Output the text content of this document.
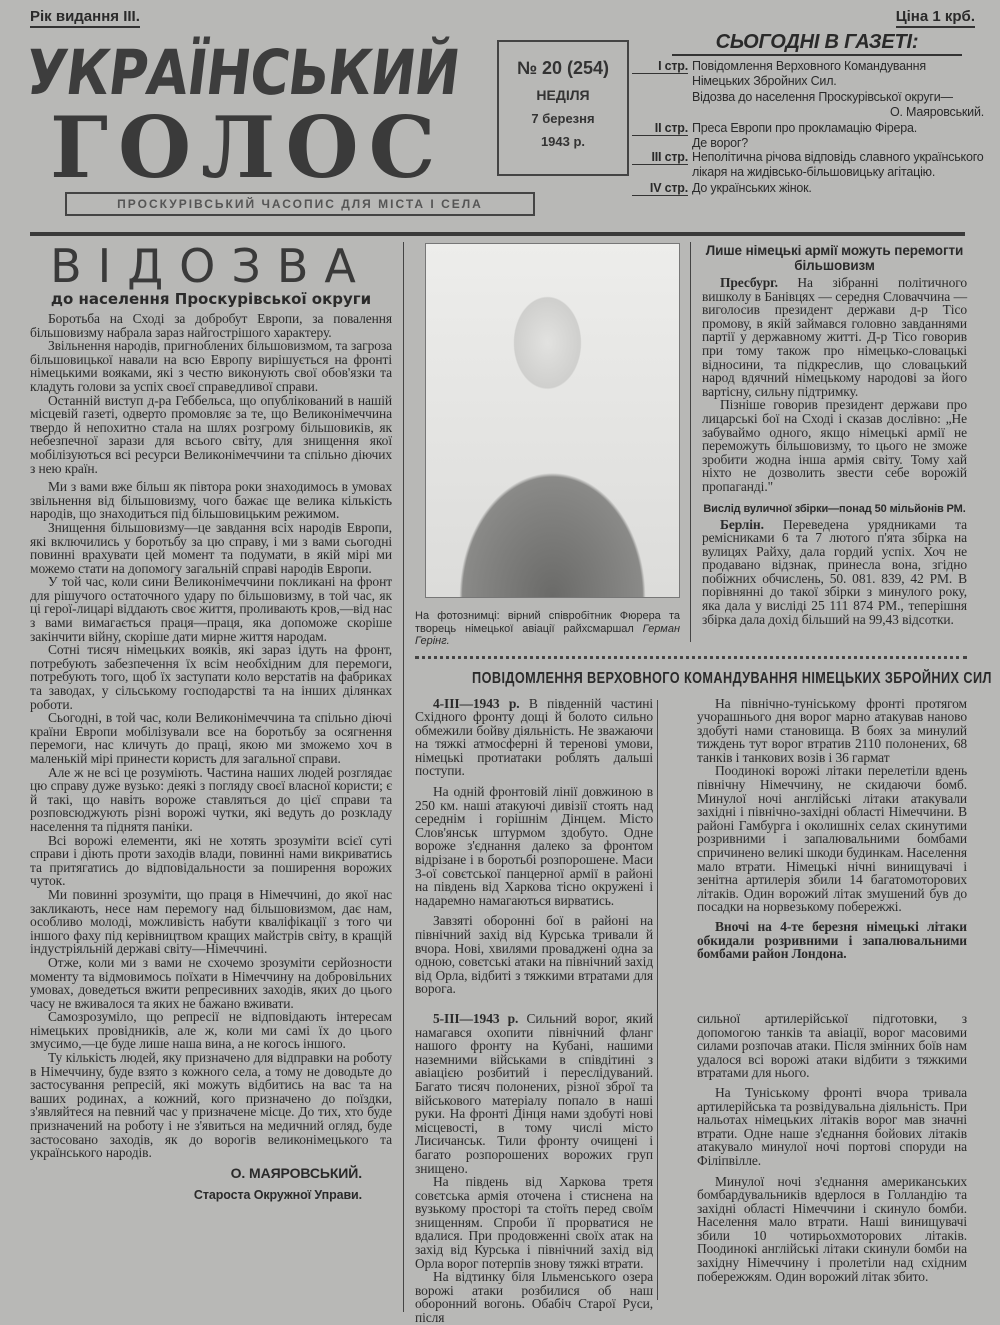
Рік видання III.	Ціна 1 крб.
УКРАЇНСЬКИЙ
ГОЛОС
ПРОСКУРІВСЬКИЙ ЧАСОПИС ДЛЯ МІСТА І СЕЛА
№ 20 (254)
НЕДІЛЯ
7 березня
1943 р.
СЬОГОДНІ В ГАЗЕТІ:
I стр. Повідомлення Верховного Командування Німецьких Збройних Сил.
Відозва до населення Проскурівської округи—
О. Маяровський.
II стр. Преса Европи про прокламацію Фірера.
Де ворог?
III стр. Неполітична річова відповідь славного українського лікаря на жидівсько-більшовицьку агітацію.
IV стр. До українських жінок.
ВІДОЗВА
до населення Проскурівської округи

Боротьба на Сході за добробут Европи, за повалення більшовизму набрала зараз найгострішого характеру.

Звільнення народів, пригноблених більшовизмом, та загроза більшовицької навали на всю Европу вирішується на фронті німецькими вояками, які з честю виконують свої обов'язки та кладуть голови за успіх своєї справедливої справи.

Останній виступ д-ра Геббельса, що опублікований в нашій місцевій газеті, одверто промовляє за те, що Великонімеччина твердо й непохитно стала на шлях розгрому більшовиків, як небезпечної зарази для всього світу, для знищення якої мобілізуються всі ресурси Великонімеччини та спільно діючих з нею країн.

Ми з вами вже більш як півтора роки знаходимось в умовах звільнення від більшовизму, чого бажає ще велика кількість народів, що знаходиться під більшовицьким режимом.

Знищення більшовизму—це завдання всіх народів Европи, які включились у боротьбу за цю справу, і ми з вами сьогодні повинні врахувати цей момент та подумати, в якій мірі ми можемо стати на допомогу загальній справі народів Европи.

У той час, коли сини Великонімеччини покликані на фронт для рішучого остаточного удару по більшовизму, в той час, як ці герої-лицарі віддають своє життя, проливають кров,—від нас з вами вимагається праця—праця, яка допоможе скоріше закінчити війну, скоріше дати мирне життя народам.

Сотні тисяч німецьких вояків, які зараз ідуть на фронт, потребують забезпечення їх всім необхідним для перемоги, потребують того, щоб їх заступати коло верстатів на фабриках та заводах, у сільському господарстві та на інших ділянках роботи.

Сьогодні, в той час, коли Великонімеччина та спільно діючі країни Европи мобілізували все на боротьбу за осягнення перемоги, нас кличуть до праці, якою ми зможемо хоч в маленькій мірі принести користь для загальної справи.

Але ж не всі це розуміють. Частина наших людей розглядає цю справу дуже вузько: деякі з погляду своєї власної користи; є й такі, що навіть вороже ставляться до цієї справи та розповсюджують різні ворожі чутки, які ведуть до розкладу населення та піднятя паніки.

Всі ворожі елементи, які не хотять зрозуміти всієї суті справи і діють проти заходів влади, повинні нами викриватись та притягатись до відповідальности за поширення ворожих чуток.

Ми повинні зрозуміти, що праця в Німеччині, до якої нас закликають, несе нам перемогу над більшовизмом, дає нам, особливо молоді, можливість набути кваліфікації з того чи іншого фаху під керівництвом кращих майстрів світу, в кращій індустріяльній державі світу—Німеччині.

Отже, коли ми з вами не схочемо зрозуміти серйозности моменту та відмовимось поїхати в Німеччину на добровільних умовах, доведеться вжити репресивних заходів, яких до цього часу не вживалося та яких не бажано вживати.

Самозрозуміло, що репресії не відповідають інтересам німецьких провідників, але ж, коли ми самі їх до цього змусимо,—це буде лише наша вина, а не когось іншого.

Ту кількість людей, яку призначено для відправки на роботу в Німеччину, буде взято з кожного села, а тому не доводьте до застосування репресій, які можуть відбитись на вас та на ваших родинах, а кожний, кого призначено до поїздки, з'являйтеся на певний час у призначене місце. До тих, хто буде призначений на роботу і не з'явиться на медичний огляд, буде застосовано заходів, як до ворогів великонімецького та українського народів.

О. МАЯРОВСЬКИЙ.
Староста Окружної Управи.
На фотознимці: вірний співробітник Фюрера та творець німецької авіації райхсмаршал Герман Герінг.
Лише німецькі армії можуть перемогти більшовизм

Пресбург. На зібранні політичного вишколу в Банівцях — середня Словаччина —виголосив президент держави д-р Тісо промову, в якій займався головно завданнями партії у державному житті. Д-р Тісо говорив при тому також про німецько-словацькі відносини, та підкреслив, що словацький народ вдячний німецькому народові за його вартісну, сильну підтримку.

Пізніше говорив президент держави про лицарські бої на Сході і сказав дослівно: „Не забуваймо одного, якщо німецькі армії не переможуть більшовизму, то цього не зможе зробити жодна інша армія світу. Тому хай ніхто не дозволить звести себе ворожій пропаганді."

Вислід вуличної збірки—понад 50 мільйонів РМ.

Берлін. Переведена урядниками та ремісниками 6 та 7 лютого п'ята збірка на вулицях Райху, дала гордий успіх. Хоч не продавано відзнак, принесла вона, згідно побіжних обчислень, 50. 081. 839, 42 РМ. В порівнянні до такої збірки з минулого року, яка дала у висліді 25 111 874 РМ., теперішня збірка дала дохід більший на 99,43 відсотки.

ПОВІДОМЛЕННЯ ВЕРХОВНОГО КОМАНДУВАННЯ НІМЕЦЬКИХ ЗБРОЙНИХ СИЛ

4-III—1943 р. В південній частині Східного фронту дощі й болото сильно обмежили бойву діяльність. Не зважаючи на тяжкі атмосферні й теренові умови, німецькі протиатаки роблять дальші поступи.

На одній фронтовій лінії довжиною в 250 км. наші атакуючі дивізії стоять над середнім і горішнім Дінцем. Місто Слов'янськ штурмом здобуто. Одне вороже з'єднання далеко за фронтом відрізане і в боротьбі розпорошене. Маси 3-ої совєтської панцерної армії в районі на південь від Харкова тісно окружені і надаремно намагаються вирватись.

Завзяті оборонні бої в районі на північний захід від Курська тривали й вчора. Нові, хвилями проваджені одна за одною, совєтські атаки на північний захід від Орла, відбиті з тяжкими втратами для ворога.

На північно-туніському фронті протягом учорашнього дня ворог марно атакував наново здобуті нами становища. В боях за минулий тиждень тут ворог втратив 2110 полонених, 68 танків і танкових возів і 36 гармат

Поодинокі ворожі літаки перелетіли вдень північну Німеччину, не скидаючи бомб. Минулої ночі англійські літаки атакували західні і північно-західні області Німеччини. В районі Гамбурга і околишніх селах скинутими розривними і запалювальними бомбами спричинено великі шкоди будинкам. Населення мало втрати. Німецькі нічні винищувачі і зенітна артилерія збили 14 багатомоторових літаків. Один ворожий літак змушений був до посадки на норвезькому побережжі.

Вночі на 4-те березня німецькі літаки обкидали розривними і запалювальними бомбами район Лондона.

5-III—1943 р. Сильний ворог, який намагався охопити північний фланг нашого фронту на Кубані, нашими наземними військами в співдітині з авіацією розбитий і переслідуваний. Багато тисяч полонених, різної зброї та військового матеріалу попало в наші руки. На фронті Дінця нами здобуті нові місцевості, в тому числі місто Лисичанськ. Тили фронту очищені і багато розпорошених ворожих груп знищено.

На південь від Харкова третя совєтська армія оточена і стиснена на вузькому просторі та стоїть перед своїм знищенням. Спроби її прорватися не вдалися. При продовженні своїх атак на захід від Курська і північний захід від Орла ворог потерпів знову тяжкі втрати.

На відтинку біля Ільменського озера ворожі атаки розбилися об наш оборонний вогонь. Обабіч Старої Руси, після

сильної артилерійської підготовки, з допомогою танків та авіації, ворог масовими силами розпочав атаки. Після змінних боїв нам удалося всі ворожі атаки відбити з тяжкими втратами для нього.

На Туніському фронті вчора тривала артилерійська та розвідувальна діяльність. При нальотах німецьких літаків ворог мав значні втрати. Одне наше з'єднання бойових літаків атакувало минулої ночі портові споруди на Філіпвілле.

Минулої ночі з'єднання американських бомбардувальників вдерлося в Голландію та західні області Німеччини і скинуло бомби. Населення мало втрати. Наші винищувачі збили 10 чотирьохмоторових літаків. Поодинокі англійські літаки скинули бомби на західну Німеччину і пролетіли над східним побережжям. Один ворожий літак збито.
